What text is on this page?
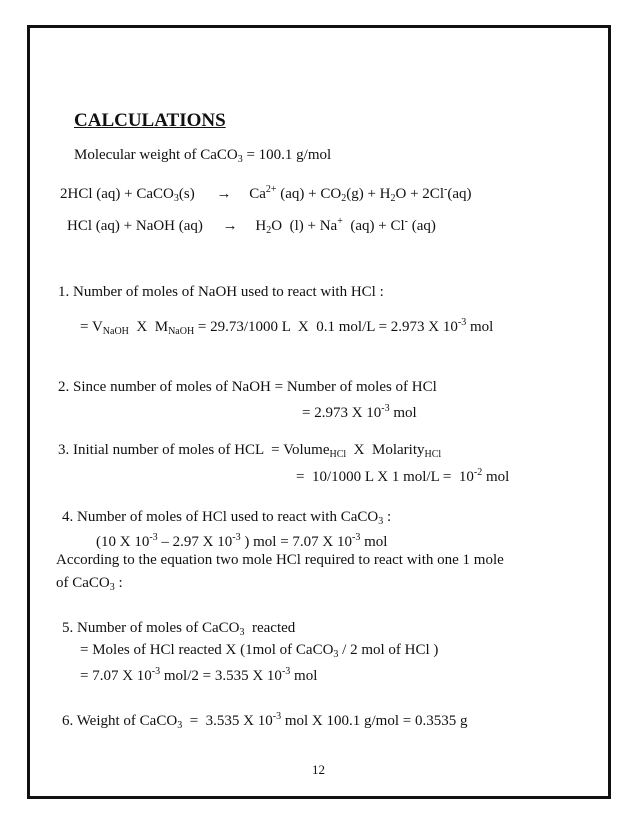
CALCULATIONS
Molecular weight of CaCO$_3$ = 100.1 g/mol
2HCl (aq) + CaCO$_3$(s) → $Ca^{2+}$ $(aq) + CO_2(g) + H_2O + 2Cl^-(aq)$
HCl (aq) + NaOH $(aq) \to H_2O$  (l) + Na+  (aq) + Cl- (aq)
1. Number of moles of NaOH used to react with HCl :
= $V_{NaOH}$  X  $M_{NaOH} = 29.73/1000$ L  X  0.1 mol/L = 2.973 X $10^{-3}$ mol
2. Since number of moles of NaOH = Number of moles of HCl
= 2.973 X $10^{-3}$ mol
3. Initial number of moles of HCL  = Volume$_{HCl}$  X  Molarity$_{HCl}$
=  10/1000 L X 1 $mol/L = 10^{-2}$ mol
4. Number of moles of HCl used to react with CaCO$_3$ :
(10 X $10^{-3} - 2.97$ X $10^{-3}$ ) mol = 7.07 X $10^{-3}$ mol
According to the equation two mole HCl required to react with one 1 mole
of CaCO$_3$ :
5. Number of moles of CaCO$_3$  reacted
= Moles of HCl reacted X (1mol of CaCO$_3$ / 2 mol of HCl )
= 7.07 X $10^{-3}$ mol/2 = 3.535 X $10^{-3}$ mol
6. Weight of CaCO$_3$  =  3.535 X $10^{-3}$ mol X 100.1 g/mol = 0.3535 g
12
